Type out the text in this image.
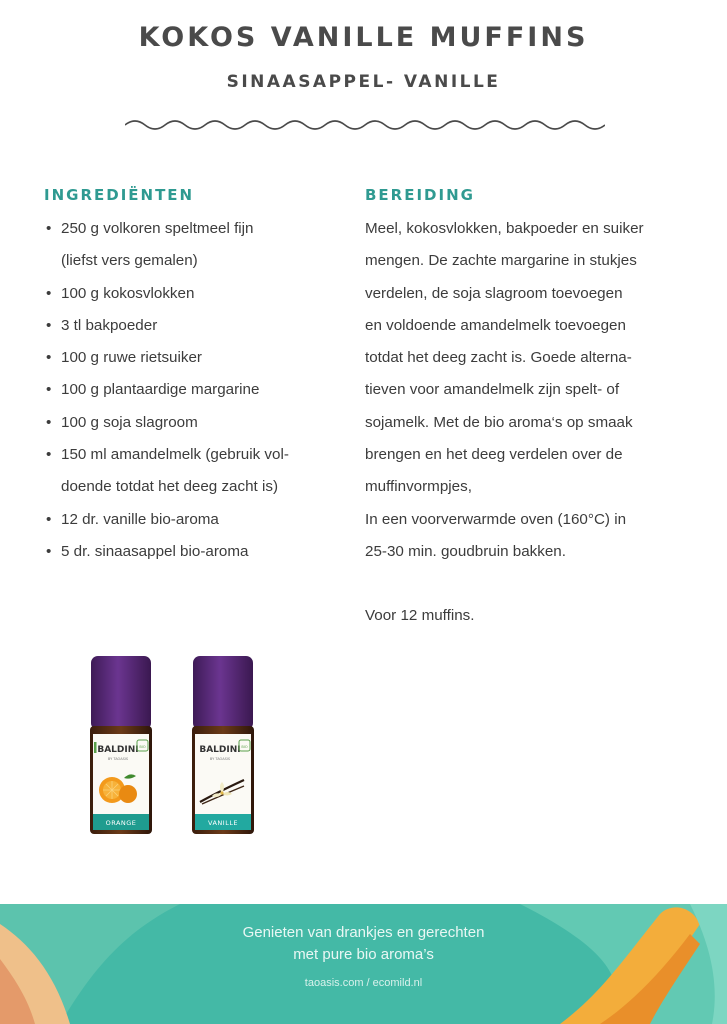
KOKOS VANILLE MUFFINS
SINAASAPPEL- VANILLE
INGREDIËNTEN
• 250 g volkoren speltmeel fijn
(liefst vers gemalen)
• 100 g kokosvlokken
• 3 tl bakpoeder
• 100 g ruwe rietsuiker
• 100 g plantaardige margarine
• 100 g soja slagroom
• 150 ml amandelmelk (gebruik vol-
doende totdat het deeg zacht is)
• 12 dr. vanille bio-aroma
• 5 dr. sinaasappel bio-aroma
BEREIDING

Meel, kokosvlokken, bakpoeder en suiker

mengen. De zachte margarine in stukjes

verdelen, de soja slagroom toevoegen

en voldoende amandelmelk toevoegen

totdat het deeg zacht is. Goede alterna-

tieven voor amandelmelk zijn spelt- of

sojamelk. Met de bio aroma‘s op smaak

brengen en het deeg verdelen over de

muffinvormpjes,

In een voorverwarmde oven (160°C) in

25-30 min. goudbruin bakken.

Voor 12 muffins.

BALDINI
BY TAOASIS
BIO
ORANGE
BALDINI
BY TAOASIS
BIO
VANILLE
Genieten van drankjes en gerechten
met pure bio aroma’s
taoasis.com / ecomild.nl
